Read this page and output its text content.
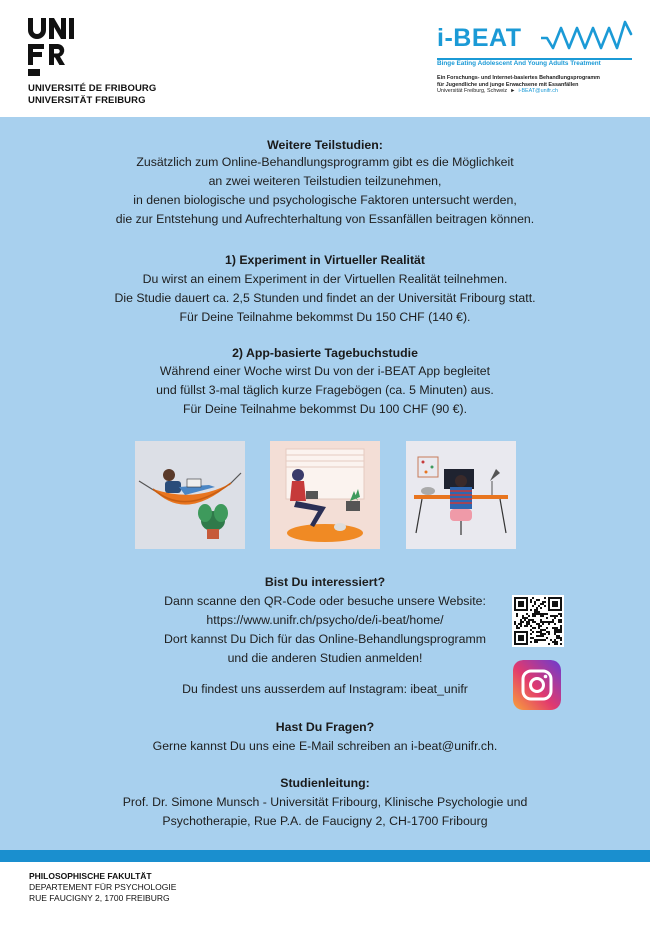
UNIVERSITÉ DE FRIBOURG
UNIVERSITÄT FREIBURG
i-BEAT
Binge Eating Adolescent And Young Adults Treatment
Ein Forschungs- und Internet-basiertes Behandlungsprogramm
für Jugendliche und junge Erwachsene mit Essanfällen
Universität Freiburg, Schweiz ► i-BEAT@unifr.ch
Weitere Teilstudien:
Zusätzlich zum Online-Behandlungsprogramm gibt es die Möglichkeit
an zwei weiteren Teilstudien teilzunehmen,
in denen biologische und psychologische Faktoren untersucht werden,
die zur Entstehung und Aufrechterhaltung von Essanfällen beitragen können.
1) Experiment in Virtueller Realität
Du wirst an einem Experiment in der Virtuellen Realität teilnehmen.
Die Studie dauert ca. 2,5 Stunden und findet an der Universität Fribourg statt.
Für Deine Teilnahme bekommst Du 150 CHF (140 €).
2) App-basierte Tagebuchstudie
Während einer Woche wirst Du von der i-BEAT App begleitet
und füllst 3-mal täglich kurze Fragebögen (ca. 5 Minuten) aus.
Für Deine Teilnahme bekommst Du 100 CHF (90 €).
Bist Du interessiert?
Dann scanne den QR-Code oder besuche unsere Website:
https://www.unifr.ch/psycho/de/i-beat/home/
Dort kannst Du Dich für das Online-Behandlungsprogramm
und die anderen Studien anmelden!
Du findest uns ausserdem auf Instagram: ibeat_unifr
Hast Du Fragen?
Gerne kannst Du uns eine E-Mail schreiben an i-beat@unifr.ch.
Studienleitung:
Prof. Dr. Simone Munsch - Universität Fribourg, Klinische Psychologie und
Psychotherapie, Rue P.A. de Faucigny 2, CH-1700 Fribourg
PHILOSOPHISCHE FAKULTÄT
DEPARTEMENT FÜR PSYCHOLOGIE
RUE FAUCIGNY 2, 1700 FREIBURG
